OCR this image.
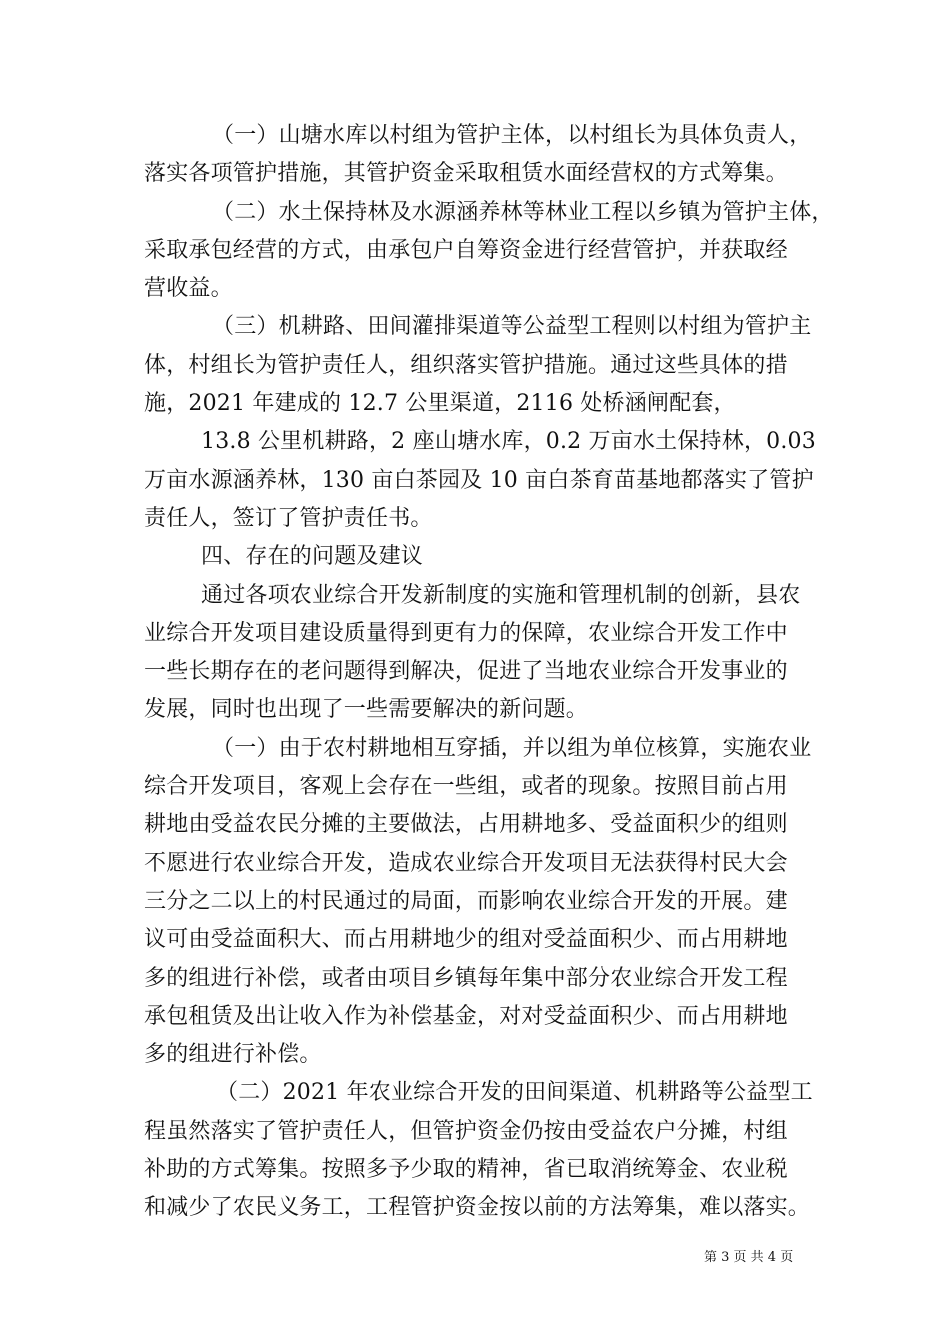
（一）山塘水库以村组为管护主体，以村组长为具体负责人，
落实各项管护措施，其管护资金采取租赁水面经营权的方式筹集。
（二）水土保持林及水源涵养林等林业工程以乡镇为管护主体，
采取承包经营的方式，由承包户自筹资金进行经营管护，并获取经
营收益。
（三）机耕路、田间灌排渠道等公益型工程则以村组为管护主
体，村组长为管护责任人，组织落实管护措施。通过这些具体的措
施，2021 年建成的 12.7 公里渠道，2116 处桥涵闸配套，
13.8 公里机耕路，2 座山塘水库，0.2 万亩水土保持林，0.03
万亩水源涵养林，130 亩白茶园及 10 亩白茶育苗基地都落实了管护
责任人，签订了管护责任书。
四、存在的问题及建议
通过各项农业综合开发新制度的实施和管理机制的创新，县农
业综合开发项目建设质量得到更有力的保障，农业综合开发工作中
一些长期存在的老问题得到解决，促进了当地农业综合开发事业的
发展，同时也出现了一些需要解决的新问题。
（一）由于农村耕地相互穿插，并以组为单位核算，实施农业
综合开发项目，客观上会存在一些组，或者的现象。按照目前占用
耕地由受益农民分摊的主要做法，占用耕地多、受益面积少的组则
不愿进行农业综合开发，造成农业综合开发项目无法获得村民大会
三分之二以上的村民通过的局面，而影响农业综合开发的开展。建
议可由受益面积大、而占用耕地少的组对受益面积少、而占用耕地
多的组进行补偿，或者由项目乡镇每年集中部分农业综合开发工程
承包租赁及出让收入作为补偿基金，对对受益面积少、而占用耕地
多的组进行补偿。
（二）2021 年农业综合开发的田间渠道、机耕路等公益型工
程虽然落实了管护责任人，但管护资金仍按由受益农户分摊，村组
补助的方式筹集。按照多予少取的精神，省已取消统筹金、农业税
和减少了农民义务工，工程管护资金按以前的方法筹集，难以落实。
第 3 页 共 4 页
